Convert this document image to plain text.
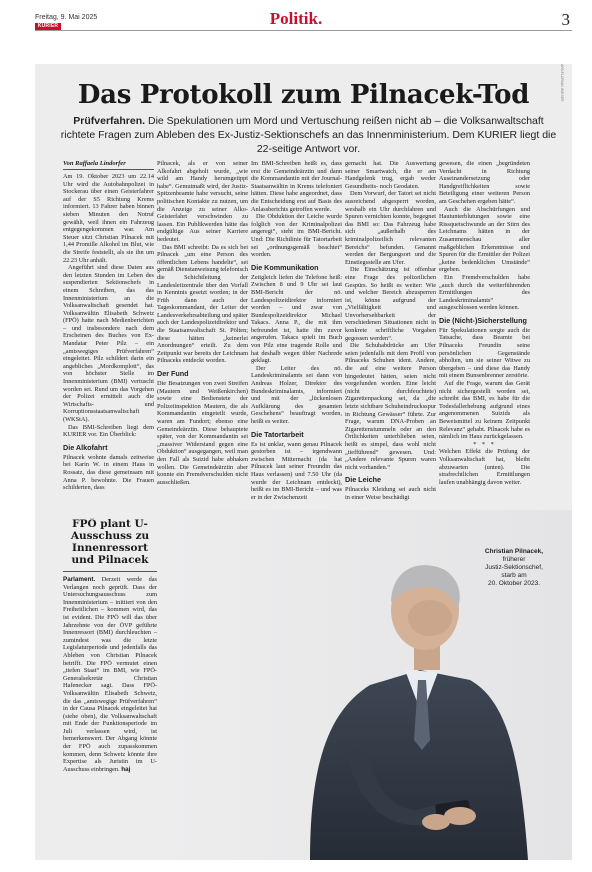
Freitag, 9. Mai 2025
KURIER	Politik.	3
APA/FLORIAN WIESER
Das Protokoll zum Pilnacek-Tod
Prüfverfahren. Die Spekulationen um Mord und Vertuschung reißen nicht ab – die Volksanwaltschaft richtete Fragen zum Ableben des Ex-Justiz-Sektionschefs an das Innenministerium. Dem KURIER liegt die 22-seitige Antwort vor.
Von Raffaela Lindorfer

Am 19. Oktober 2023 um 22.14 Uhr wird die Autobahnpolizei in Stockerau über einen Geisterfahrer auf der S5 Richtung Krems informiert. 13 Fahrer haben binnen sieben Minuten den Notruf gewählt, weil ihnen ein Fahrzeug entgegengekommen war. Am Steuer sitzt Christian Pilnacek mit 1,44 Promille Alkohol im Blut, wie die Streife feststellt, als sie ihn um 22.23 Uhr anhält.

Angeführt sind diese Daten aus den letzten Stunden im Leben des suspendierten Sektionschefs in einem Schreiben, das das Innenministerium an die Volksanwaltschaft gesendet hat. Volksanwältin Elisabeth Schwetz (FPÖ) hatte nach Medienberichten – und insbesondere nach dem Erscheinen des Buches von Ex-Mandatar Peter Pilz – ein „amtswegiges Prüfverfahren“ eingeleitet. Pilz schildert darin ein angebliches „Mordkomplott“, das von höchster Stelle im Innenministerium (BMI) vertuscht worden sei. Rund um das Vorgehen der Polizei ermittelt auch die Wirtschafts- und Korruptionsstaatsanwaltschaft (WKStA).

Das BMI-Schreiben liegt dem KURIER vor. Ein Überblick:

Die Alkofahrt

Pilnacek wohnte damals zeitweise bei Karin W. in einem Haus in Rossatz, das diese gemeinsam mit Anna P. bewohnte. Die Frauen schilderten, dass

Pilnacek, als er von seiner Alkofahrt abgeholt wurde, „wie wild am Handy herumgetippt habe“. Gemutmaßt wird, der Justiz-Spitzenbeamte habe versucht, seine politischen Kontakte zu nutzen, um die Anzeige zu seiner Alko-Geisterfahrt verschwinden zu lassen. Ein Publikwerden hätte das endgültige Aus seiner Karriere bedeutet.

Das BMI schreibt: Da es sich bei Pilnacek „um eine Person des öffentlichen Lebens handelte“, sei gemäß Dienstanweisung telefonisch die Schichtleitung der Landesleitzentrale über den Vorfall in Kenntnis gesetzt worden; in der Früh dann auch der Tageskommandant, der Leiter der Landesverkehrsabteilung und später auch der Landespolizeidirektor und die Staatsanwaltschaft St. Pölten; diese hätten „keinerlei Anordnungen“ erteilt. Zu dem Zeitpunkt war bereits der Leichnam Pilnaceks entdeckt worden.

Der Fund

Die Besatzungen von zwei Streifen (Mautern und Weißenkirchen) sowie eine Bedienstete der Polizeiinspektion Mautern, die als Kommandantin eingeteilt wurde, waren am Fundort; ebenso eine Gemeindeärztin. Diese behauptete später, von der Kommandantin sei „massiver Widerstand gegen eine Obduktion“ ausgegangen, weil man den Fall als Suizid habe abhaken wollen. Die Gemeindeärztin aber konnte ein Fremdverschulden nicht ausschließen.

Im BMI-Schreiben heißt es, dass erst die Gemeindeärztin und dann die Kommandantin mit der Journal-Staatsanwältin in Krems telefoniert hätten. Diese habe angeordnet, dass die Entscheidung erst auf Basis des Anlassberichts getroffen werde.

Die Obduktion der Leiche wurde folglich von der Kriminalpolizei angeregt“, steht im BMI-Bericht. Und: Die Richtlinie für Tatortarbeit sei „ordnungsgemäß beachtet“ worden.

Die Kommunikation

Zeitgleich liefen die Telefone heiß: Zwischen 8 und 9 Uhr sei laut BMI-Bericht der nö. Landespolizeidirektor informiert worden – und zwar von Bundespolizeidirektor Michael Takacs. Anna P., die mit ihm befreundet ist, hatte ihn zuvor angerufen. Takacs spielt im Buch von Pilz eine tragende Rolle und hat deshalb wegen übler Nachrede geklagt.

Der Leiter des nö. Landeskriminalamts sei dann von Andreas Holzer, Direktor des Bundeskriminalamts, informiert und mit der „lückenlosen Aufklärung des gesamten Geschehens“ beauftragt worden, heißt es weiter.

Die Tatortarbeit

Es ist unklar, wann genau Pilnacek gestorben ist – irgendwann zwischen Mitternacht (da hat Pilnacek laut seiner Freundin das Haus verlassen) und 7.50 Uhr (da wurde der Leichnam entdeckt), heißt es im BMI-Bericht – und was er in der Zwischenzeit

gemacht hat. Die Auswertung seiner Smartwatch, die er am Handgelenk trug, ergab weder Gesundheits- noch Geodaten.

Dem Vorwurf, der Tatort sei nicht ausreichend abgesperrt worden, weshalb ein Uhr durchfahren und Spuren vernichten konnte, begegnet das BMI so: Das Fahrzeug habe sich „außerhalb des kriminalpolizeilich relevanten Bereichs“ befunden. Genannt werden der Bergungsort und die Einstiegsstelle am Ufer.

Die Einschätzung ist offenbar eine Frage des polizeilichen Gespürs. So heißt es weiter: Wie und welcher Bereich abzusperren ist, könne aufgrund der „Vielfältigkeit und Unvorhersehbarkeit der verschiedenen Situationen nicht in konkrete schriftliche Vorgaben gegossen werden“.

Die Schuhabdrücke am Ufer seien jedenfalls mit dem Profil von Pilnaceks Schuhen ident. Andere, die auf eine weitere Person hingedeutet hätten, seien nicht vorgefunden worden. Eine leicht (nicht durchfeuchtete) Zigarettenpackung sei, da „die letzte sichtbare Schuheindrucksspur in Richtung Gewässer“ führte. Zur Frage, warum DNA-Proben an Zigarettenstummeln oder an den Örtlichkeiten unterblieben seien, heißt es simpel, dass wohl nicht „tiefführend“ gewesen. Und: „Andere relevante Spuren waren nicht vorhanden.“

Die Leiche

Pilnaceks Kleidung sei auch nicht in einer Weise beschädigt

gewesen, die einen „begründeten Verdacht in Richtung Auseinandersetzung oder Handgreiflichkeiten sowie Beteiligung einer weiteren Person am Geschehen ergeben hätte“.

Auch die Abschürfungen und Hautunterblutungen sowie eine Rissquetschwunde an der Stirn des Leichnams hätten in der Zusammenschau aller maßgeblichen Erkenntnisse und Spuren für die Ermittler der Polizei „keine bedenklichen Umstände“ ergeben.

Ein Fremdverschulden habe „auch durch die weiterführenden Ermittlungen des Landeskriminalamts“ ausgeschlossen werden können.

Die (Nicht-)Sicherstellung

Für Spekulationen sorgte auch die Tatsache, dass Beamte bei Pilnaceks Freundin seine persönlichen Gegenstände abholten, um sie seiner Witwe zu übergeben – und diese das Handy mit einem Bunsenbrenner zerstörte.

Auf die Frage, warum das Gerät nicht sichergestellt worden sei, schreibt das BMI, es habe für die Todesfallerhebung aufgrund eines angenommenen Suizids als Beweismittel zu keinem Zeitpunkt Relevanz“ gehabt. Pilnacek habe es nämlich im Haus zurückgelassen.

* * *

Welchen Effekt die Prüfung der Volksanwaltschaft hat, bleibt abzuwarten (unten). Die strafrechtlichen Ermittlungen laufen unabhängig davon weiter.

FPÖ plant U-Ausschuss zu Innenressort und Pilnacek
Parlament. Derzeit werde das Verlangen noch geprüft. Dass der Untersuchungsausschuss zum Innenministerium – initiiert von den Freiheitlichen – kommen wird, das ist evident. Die FPÖ will das über Jahrzehnte von der ÖVP geführte Innenressort (BMI) durchleuchten – zumindest was die letzte Legislaturperiode und jedenfalls das Ableben von Christian Pilnacek betrifft. Die FPÖ vermutet einen „tiefen Staat“ im BMI, wie FPÖ-Generalsekretär Christian Hafenecker sagt. Dass FPÖ-Volksanwältin Elisabeth Schwetz, die das „amtswegige Prüfverfahren“ in der Causa Pilnacek eingeleitet hat (siehe oben), die Volksanwaltschaft mit Ende der Funktionsperiode im Juli verlassen wird, ist bemerkenswert. Der Abgang könnte der FPÖ auch zupasskommen kommen, denn Schwetz könnte ihre Expertise als Juristin im U-Ausschuss einbringen. haj
Christian Pilnacek,
früherer
Justiz-Sektionschef,
starb am
20. Oktober 2023.
